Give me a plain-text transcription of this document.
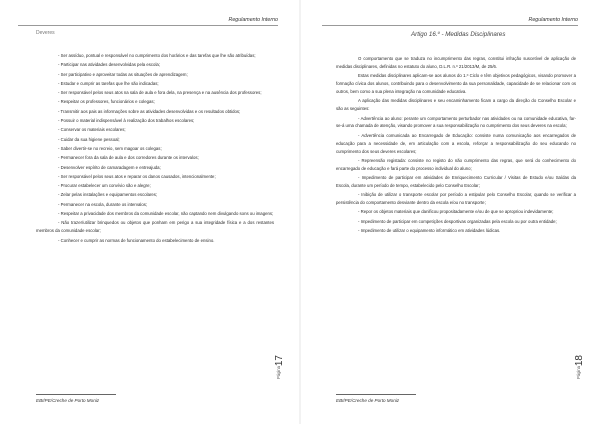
Regulamento Interno
Deveres

- Ser assíduo, pontual e responsável no cumprimento dos horários e das tarefas que lhe são atribuídas;

- Participar nas atividades desenvolvidas pela escola;

- Ser participativo e aproveitar todas as situações de aprendizagem;

- Estudar e cumprir as tarefas que lhe são indicadas;

- Ser responsável pelos seus atos na sala de aula e fora dela, na presença e na ausência dos professores;

- Respeitar os professores, funcionários e colegas;

- Transmitir aos pais as informações sobre as atividades desenvolvidas e os resultados obtidos;

- Possuir o material indispensável à realização dos trabalhos escolares;

- Conservar os materiais escolares;

- Cuidar da sua higiene pessoal;

- Saber divertir-se no recreio, sem magoar os colegas;

- Permanecer fora da sala de aula e dos corredores durante os intervalos;

- Desenvolver espírito de camaradagem e entreajuda;

- Ser responsável pelos seus atos e reparar os danos causados, intencionalmente;

- Procurar estabelecer um convívio são e alegre;

- Zelar pelas instalações e equipamentos escolares;

- Permanecer na escola, durante os intervalos;

- Respeitar a privacidade dos membros da comunidade escolar, não captando nem divulgando sons ou imagens;

- Não trazer/utilizar brinquedos ou objetos que ponham em perigo a sua integridade física e a dos restantes membros da comunidade escolar;

- Conhecer e cumprir as normas de funcionamento do estabelecimento de ensino.

Página
17
EBI/PE/Creche de Porto Moniz
Regulamento Interno
Artigo 16.º - Medidas Disciplinares

O comportamento que se traduza no incumprimento das regras, constitui infração suscetível de aplicação de medidas disciplinares, definidas no estatuto do aluno, D.L.R. n.º 21/2013/M, de 25/6.

Estas medidas disciplinares aplicam-se aos alunos do 1.º Ciclo e têm objetivos pedagógicos, visando promover a formação cívica dos alunos, contribuindo para o desenvolvimento da sua personalidade, capacidade de se relacionar com os outros, bem como a sua plena integração na comunidade educativa.

A aplicação das medidas disciplinares e seu encaminhamento ficam a cargo da direção do Conselho Escolar e são as seguintes:

- Advertência ao aluno: perante um comportamento perturbador nas atividades ou na comunidade educativa, far-se-á uma chamada de atenção, visando promover a sua responsabilização no cumprimento dos seus deveres na escola;

- Advertência comunicada ao Encarregado de Educação: consiste numa comunicação aos encarregados de educação para a necessidade de, em articulação com a escola, reforçar a responsabilização do seu educando no cumprimento dos seus deveres escolares;

- Repreensão registada: consiste no registo do não cumprimento das regras, que será do conhecimento do encarregado de educação e fará parte do processo individual do aluno;

- Impedimento de participar em atividades de Enriquecimento Curricular / Visitas de Estudo e/ou Saídas da Escola, durante um período de tempo, estabelecido pelo Conselho Escolar;

- Inibição de utilizar o transporte escolar por período a estipular pelo Conselho Escolar, quando se verificar a persistência do comportamento desviante dentro da escola e/ou no transporte;

- Repor os objetos materiais que danificou propositadamente e/ou de que se apropriou indevidamente;

- Impedimento de participar em competições desportivas organizadas pela escola ou por outra entidade;

- Impedimento de utilizar o equipamento informático em atividades lúdicas.

Página
18
EBI/PE/Creche de Porto Moniz
